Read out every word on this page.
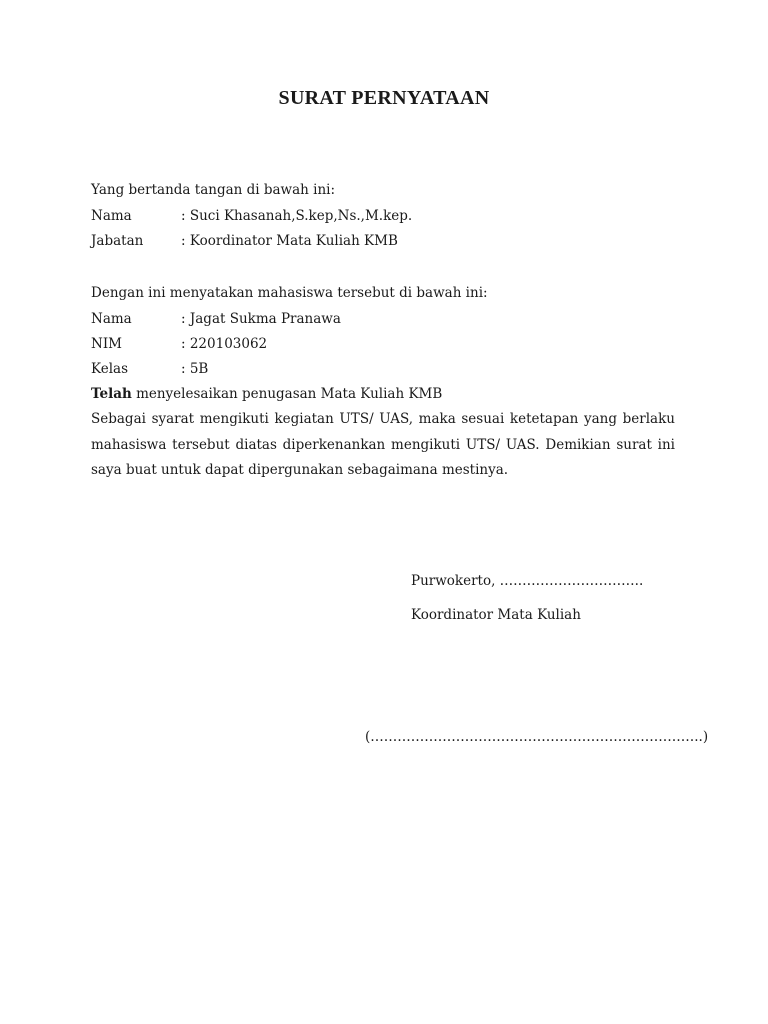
SURAT PERNYATAAN
Yang bertanda tangan di bawah ini:
Nama	: Suci Khasanah,S.kep,Ns.,M.kep.
Jabatan	: Koordinator Mata Kuliah KMB
Dengan ini menyatakan mahasiswa tersebut di bawah ini:
Nama	: Jagat Sukma Pranawa
NIM	: 220103062
Kelas	: 5B
Telah menyelesaikan penugasan Mata Kuliah KMB
Sebagai syarat mengikuti kegiatan UTS/ UAS, maka sesuai ketetapan yang berlaku mahasiswa tersebut diatas diperkenankan mengikuti UTS/ UAS. Demikian surat ini saya buat untuk dapat dipergunakan sebagaimana mestinya.
Purwokerto, …………………………..
Koordinator Mata Kuliah
(………………………………………………………………..)
